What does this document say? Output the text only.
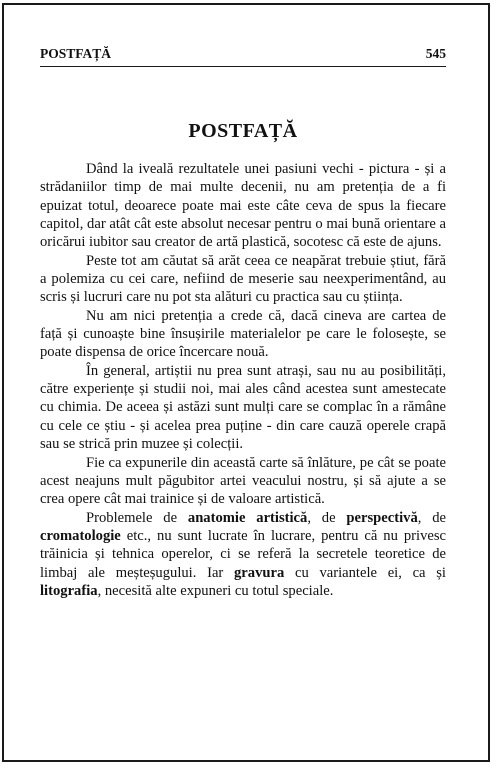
POSTFAȚĂ	545
POSTFAȚĂ

Dând la iveală rezultatele unei pasiuni vechi - pictura - și a strădaniilor timp de mai multe decenii, nu am pretenția de a fi epuizat totul, deoarece poate mai este câte ceva de spus la fiecare capitol, dar atât cât este absolut necesar pentru o mai bună orientare a oricărui iubitor sau creator de artă plastică, socotesc că este de ajuns.

Peste tot am căutat să arăt ceea ce neapărat trebuie știut, fără a polemiza cu cei care, nefiind de meserie sau neexperimentând, au scris și lucruri care nu pot sta alături cu practica sau cu știința.

Nu am nici pretenția a crede că, dacă cineva are cartea de față și cunoaște bine însușirile materialelor pe care le folosește, se poate dispensa de orice încercare nouă.

În general, artiștii nu prea sunt atrași, sau nu au posibilități, către experiențe și studii noi, mai ales când acestea sunt amestecate cu chimia. De aceea și astăzi sunt mulți care se complac în a rămâne cu cele ce știu - și acelea prea puține - din care cauză operele crapă sau se strică prin muzee și colecții.

Fie ca expunerile din această carte să înlăture, pe cât se poate acest neajuns mult păgubitor artei veacului nostru, și să ajute a se crea opere cât mai trainice și de valoare artistică.

Problemele de anatomie artistică, de perspectivă, de cromatologie etc., nu sunt lucrate în lucrare, pentru că nu privesc trăinicia și tehnica operelor, ci se referă la secretele teoretice de limbaj ale meșteșugului. Iar gravura cu variantele ei, ca și litografia, necesită alte expuneri cu totul speciale.
